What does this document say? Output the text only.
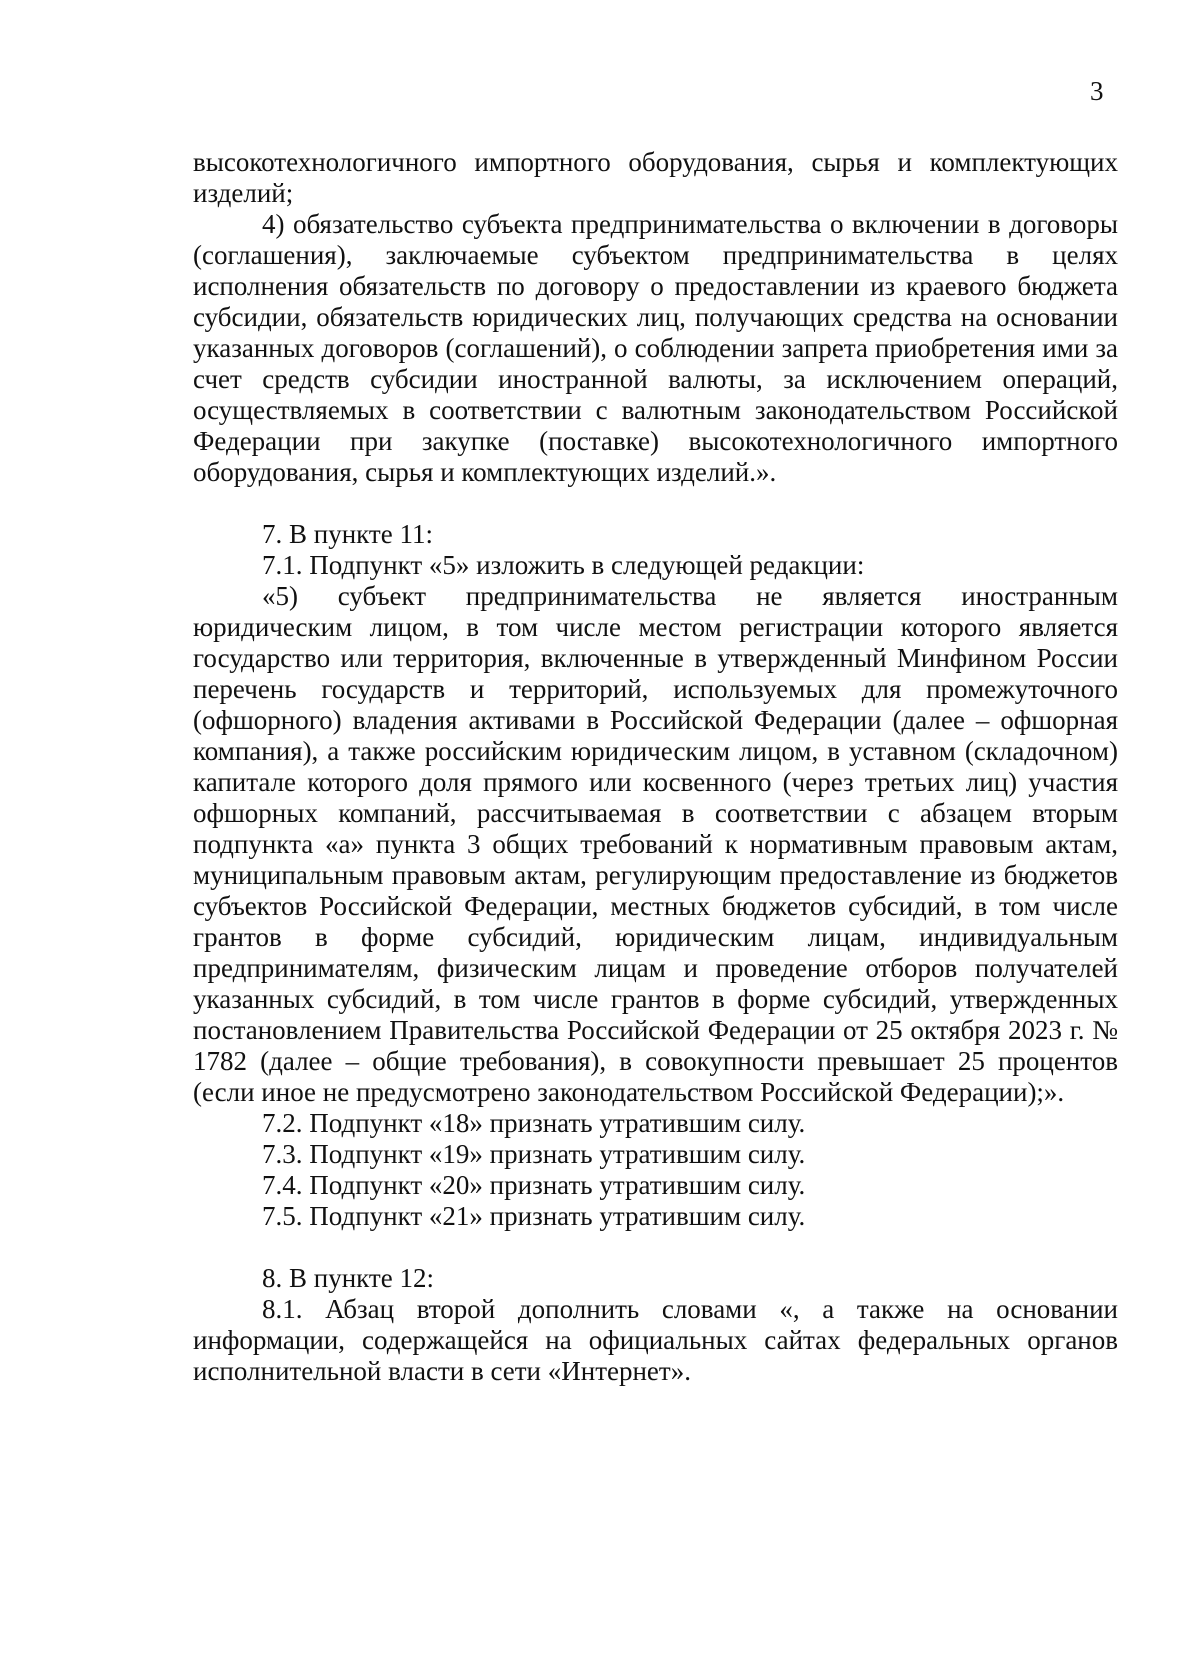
3

высокотехнологичного импортного оборудования, сырья и комплектующих изделий;

4) обязательство субъекта предпринимательства о включении в договоры (соглашения), заключаемые субъектом предпринимательства в целях исполнения обязательств по договору о предоставлении из краевого бюджета субсидии, обязательств юридических лиц, получающих средства на основании указанных договоров (соглашений), о соблюдении запрета приобретения ими за счет средств субсидии иностранной валюты, за исключением операций, осуществляемых в соответствии с валютным законодательством Российской Федерации при закупке (поставке) высокотехнологичного импортного оборудования, сырья и комплектующих изделий.».

7. В пункте 11:

7.1. Подпункт «5» изложить в следующей редакции:

«5) субъект предпринимательства не является иностранным юридическим лицом, в том числе местом регистрации которого является государство или территория, включенные в утвержденный Минфином России перечень государств и территорий, используемых для промежуточного (офшорного) владения активами в Российской Федерации (далее – офшорная компания), а также российским юридическим лицом, в уставном (складочном) капитале которого доля прямого или косвенного (через третьих лиц) участия офшорных компаний, рассчитываемая в соответствии с абзацем вторым подпункта «а» пункта 3 общих требований к нормативным правовым актам, муниципальным правовым актам, регулирующим предоставление из бюджетов субъектов Российской Федерации, местных бюджетов субсидий, в том числе грантов в форме субсидий, юридическим лицам, индивидуальным предпринимателям, физическим лицам и проведение отборов получателей указанных субсидий, в том числе грантов в форме субсидий, утвержденных постановлением Правительства Российской Федерации от 25 октября 2023 г. № 1782 (далее – общие требования), в совокупности превышает 25 процентов (если иное не предусмотрено законодательством Российской Федерации);».

7.2. Подпункт «18» признать утратившим силу.

7.3. Подпункт «19» признать утратившим силу.

7.4. Подпункт «20» признать утратившим силу.

7.5. Подпункт «21» признать утратившим силу.

8. В пункте 12:

8.1. Абзац второй дополнить словами «, а также на основании информации, содержащейся на официальных сайтах федеральных органов исполнительной власти в сети «Интернет».
